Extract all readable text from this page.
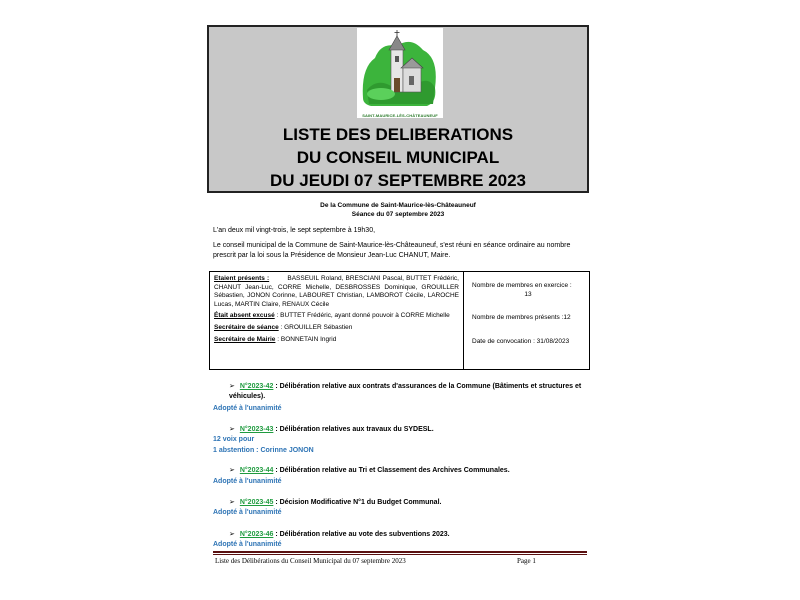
SAINT-MAURICE-LÈS-CHÂTEAUNEUF
LISTE DES DELIBERATIONS
DU CONSEIL MUNICIPAL
DU JEUDI 07 SEPTEMBRE 2023
De la Commune de Saint-Maurice-lès-Châteauneuf
Séance du 07 septembre 2023
L'an deux mil vingt-trois, le sept septembre à 19h30,
Le conseil municipal de la Commune de Saint-Maurice-lès-Châteauneuf, s'est réuni en séance ordinaire au nombre prescrit par la loi sous la Présidence de Monsieur Jean-Luc CHANUT, Maire.

Etaient présents :	BASSEUIL Roland, BRESCIANI Pascal, BUTTET Frédéric, CHANUT Jean-Luc, CORRE Michelle, DESBROSSES Dominique, GROUILLER Sébastien, JONON Corinne, LABOURET Christian, LAMBOROT Cécile, LAROCHE Lucas, MARTIN Claire, RENAUX Cécile

Était absent excusé : BUTTET Frédéric, ayant donné pouvoir à CORRE Michelle

Secrétaire de séance : GROUILLER Sébastien

Secrétaire de Mairie : BONNETAIN Ingrid

Nombre de membres en exercice :

13
Nombre de membres présents :12
Date de convocation : 31/08/2023
➢ N°2023-42 : Délibération relative aux contrats d'assurances de la Commune (Bâtiments et structures et véhicules).
Adopté à l'unanimité
➢ N°2023-43 : Délibération relatives aux travaux du SYDESL.
12 voix pour
1 abstention : Corinne JONON
➢ N°2023-44 : Délibération relative au Tri et Classement des Archives Communales.
Adopté à l'unanimité
➢ N°2023-45 : Décision Modificative N°1 du Budget Communal.
Adopté à l'unanimité
➢ N°2023-46 : Délibération relative au vote des subventions 2023.
Adopté à l'unanimité
Liste des Délibérations du Conseil Municipal du 07 septembre 2023	Page 1
